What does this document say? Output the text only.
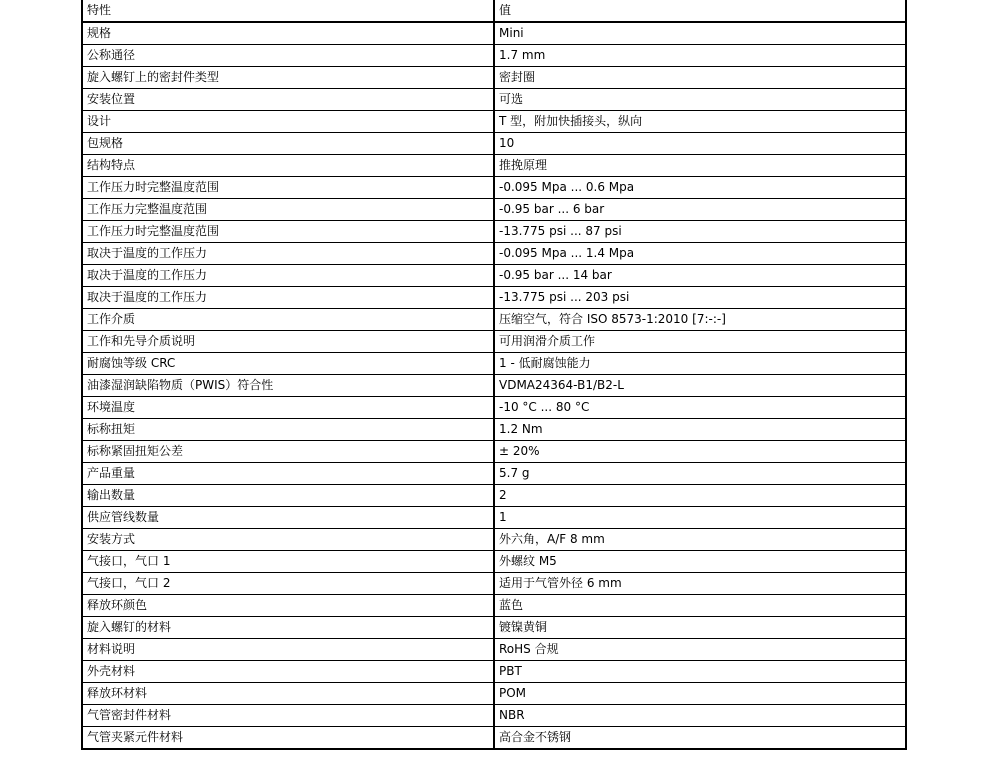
特性	值
规格	Mini
公称通径	1.7 mm
旋入螺钉上的密封件类型	密封圈
安装位置	可选
设计	T 型，附加快插接头，纵向
包规格	10
结构特点	推挽原理
工作压力时完整温度范围	-0.095 Mpa ... 0.6 Mpa
工作压力完整温度范围	-0.95 bar ... 6 bar
工作压力时完整温度范围	-13.775 psi ... 87 psi
取决于温度的工作压力	-0.095 Mpa ... 1.4 Mpa
取决于温度的工作压力	-0.95 bar ... 14 bar
取决于温度的工作压力	-13.775 psi ... 203 psi
工作介质	压缩空气，符合 ISO 8573-1:2010 [7:-:-]
工作和先导介质说明	可用润滑介质工作
耐腐蚀等级 CRC	1 - 低耐腐蚀能力
油漆湿润缺陷物质（PWIS）符合性	VDMA24364-B1/B2-L
环境温度	-10 °C ... 80 °C
标称扭矩	1.2 Nm
标称紧固扭矩公差	± 20%
产品重量	5.7 g
输出数量	2
供应管线数量	1
安装方式	外六角，A/F 8 mm
气接口，气口 1	外螺纹 M5
气接口，气口 2	适用于气管外径 6 mm
释放环颜色	蓝色
旋入螺钉的材料	镀镍黄铜
材料说明	RoHS 合规
外壳材料	PBT
释放环材料	POM
气管密封件材料	NBR
气管夹紧元件材料	高合金不锈钢
